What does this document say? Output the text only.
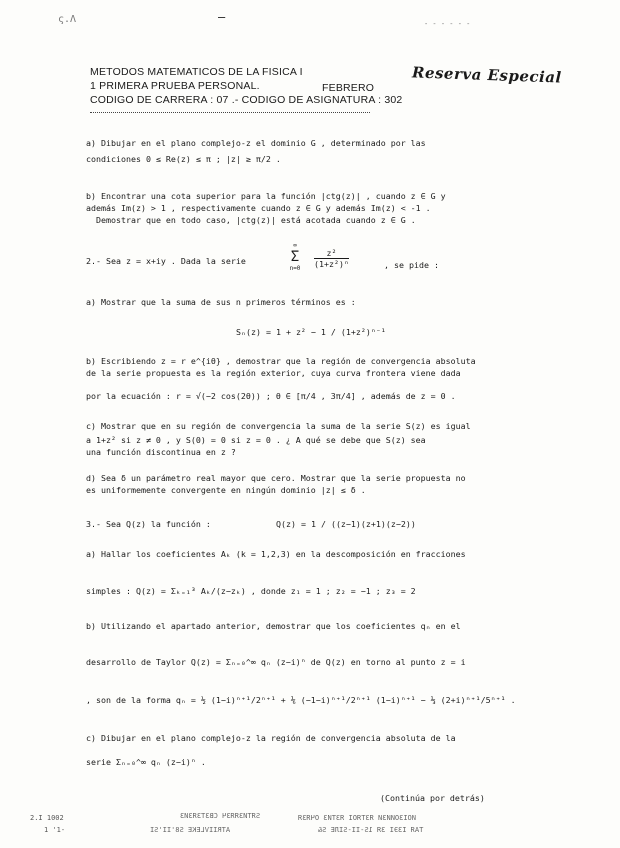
ς.Λ	—	- - - - - -
METODOS MATEMATICOS DE LA FISICA I
1 PRIMERA PRUEBA PERSONAL.	FEBRERO
CODIGO DE CARRERA : 07 .- CODIGO DE ASIGNATURA : 302
Reserva Especial
a) Dibujar en el plano complejo-z el dominio G , determinado por las
condiciones 0 ≤ Re(z) ≤ π ; |z| ≥ π/2 .
b) Encontrar una cota superior para la función |ctg(z)| , cuando z ∈ G y
además Im(z) > 1 , respectivamente cuando z ∈ G y además Im(z) < -1 .
Demostrar que en todo caso, |ctg(z)| está acotada cuando z ∈ G .
2.- Sea z = x+iy . Dada la serie
∞
Σ
n=0	$\frac{\text{z²}}{\text{(1+z²)ⁿ}}$	, se pide :
a) Mostrar que la suma de sus n primeros términos es :
Sₙ(z) = 1 + z² − 1 / (1+z²)ⁿ⁻¹
b) Escribiendo z = r e^{iθ} , demostrar que la región de convergencia absoluta
de la serie propuesta es la región exterior, cuya curva frontera viene dada
por la ecuación : r = √(−2 cos(2θ)) ; θ ∈ [π/4 , 3π/4] , además de z = 0 .
c) Mostrar que en su región de convergencia la suma de la serie S(z) es igual
a 1+z² si z ≠ 0 , y S(0) = 0 si z = 0 . ¿ A qué se debe que S(z) sea
una función discontinua en z ?
d) Sea δ un parámetro real mayor que cero. Mostrar que la serie propuesta no
es uniformemente convergente en ningún dominio |z| ≤ δ .
3.- Sea Q(z) la función :	Q(z) = 1 / ((z−1)(z+1)(z−2))
a) Hallar los coeficientes Aₖ (k = 1,2,3) en la descomposición en fracciones
simples : Q(z) = Σₖ₌₁³ Aₖ/(z−zₖ) , donde z₁ = 1 ; z₂ = −1 ; z₃ = 2
b) Utilizando el apartado anterior, demostrar que los coeficientes qₙ en el
desarrollo de Taylor Q(z) = Σₙ₌₀^∞ qₙ (z−i)ⁿ de Q(z) en torno al punto z = i
, son de la forma qₙ = ½ (1−i)ⁿ⁺¹/2ⁿ⁺¹ + ⅙ (−1−i)ⁿ⁺¹/2ⁿ⁺¹ (1−i)ⁿ⁺¹ − ⅓ (2+i)ⁿ⁺¹/5ⁿ⁺¹ .
c) Dibujar en el plano complejo-z la región de convergencia absoluta de la
serie Σₙ₌₀^∞ qₙ (z−i)ⁿ .
(Continúa por detrás)
2.I 1002
1 '1-
SЯТИЗЯЯЗЧ СВЗТЗЯЗИЗ	ИОIЗОИИЗИ ЯЗТЯОІ ЯЗТИЗ ОЧЯЗЯ
ATRIIVLEKE S8'II'SI	ТАЯ ІЗЭІ ЗЯ 1S-II-SIЛЕ S&
